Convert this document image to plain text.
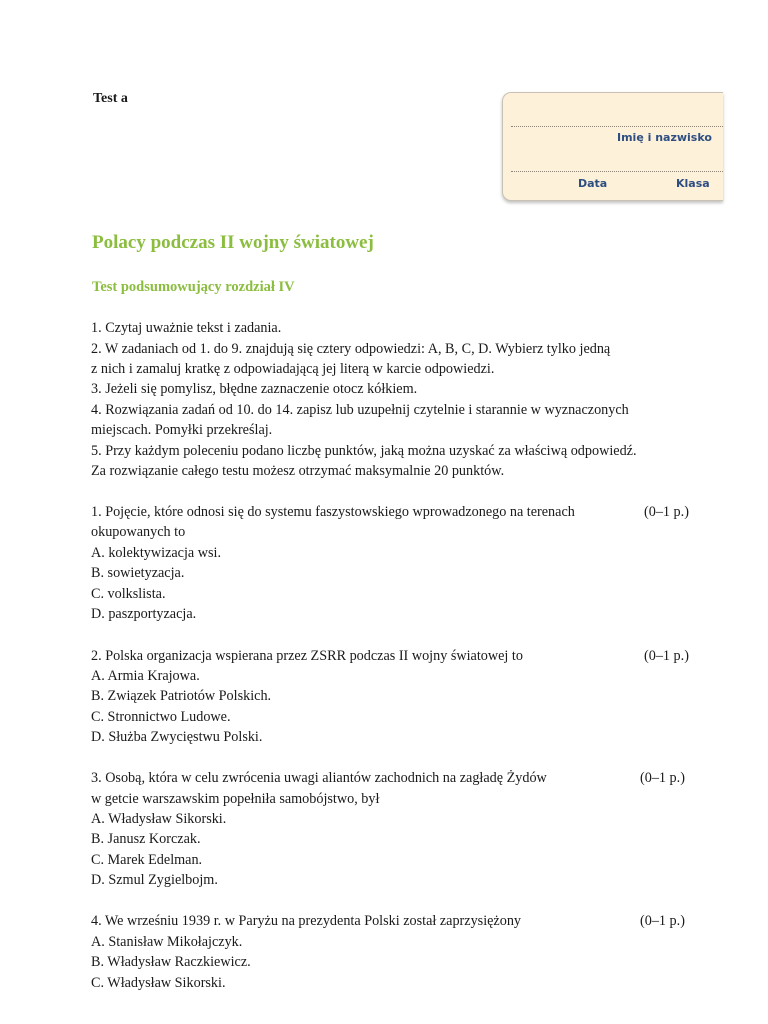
Test a
Imię i nazwisko
Data	Klasa
Polacy podczas II wojny światowej
Test podsumowujący rozdział IV
1. Czytaj uważnie tekst i zadania.
2. W zadaniach od 1. do 9. znajdują się cztery odpowiedzi: A, B, C, D. Wybierz tylko jedną
z nich i zamaluj kratkę z odpowiadającą jej literą w karcie odpowiedzi.
3. Jeżeli się pomylisz, błędne zaznaczenie otocz kółkiem.
4. Rozwiązania zadań od 10. do 14. zapisz lub uzupełnij czytelnie i starannie w wyznaczonych
miejscach. Pomyłki przekreślaj.
5. Przy każdym poleceniu podano liczbę punktów, jaką można uzyskać za właściwą odpowiedź.
Za rozwiązanie całego testu możesz otrzymać maksymalnie 20 punktów.
1. Pojęcie, które odnosi się do systemu faszystowskiego wprowadzonego na terenach	(0–1 p.)
okupowanych to
A. kolektywizacja wsi.
B. sowietyzacja.
C. volkslista.
D. paszportyzacja.
2. Polska organizacja wspierana przez ZSRR podczas II wojny światowej to	(0–1 p.)
A. Armia Krajowa.
B. Związek Patriotów Polskich.
C. Stronnictwo Ludowe.
D. Służba Zwycięstwu Polski.
3. Osobą, która w celu zwrócenia uwagi aliantów zachodnich na zagładę Żydów	(0–1 p.)
w getcie warszawskim popełniła samobójstwo, był
A. Władysław Sikorski.
B. Janusz Korczak.
C. Marek Edelman.
D. Szmul Zygielbojm.
4. We wrześniu 1939 r. w Paryżu na prezydenta Polski został zaprzysiężony	(0–1 p.)
A. Stanisław Mikołajczyk.
B. Władysław Raczkiewicz.
C. Władysław Sikorski.
